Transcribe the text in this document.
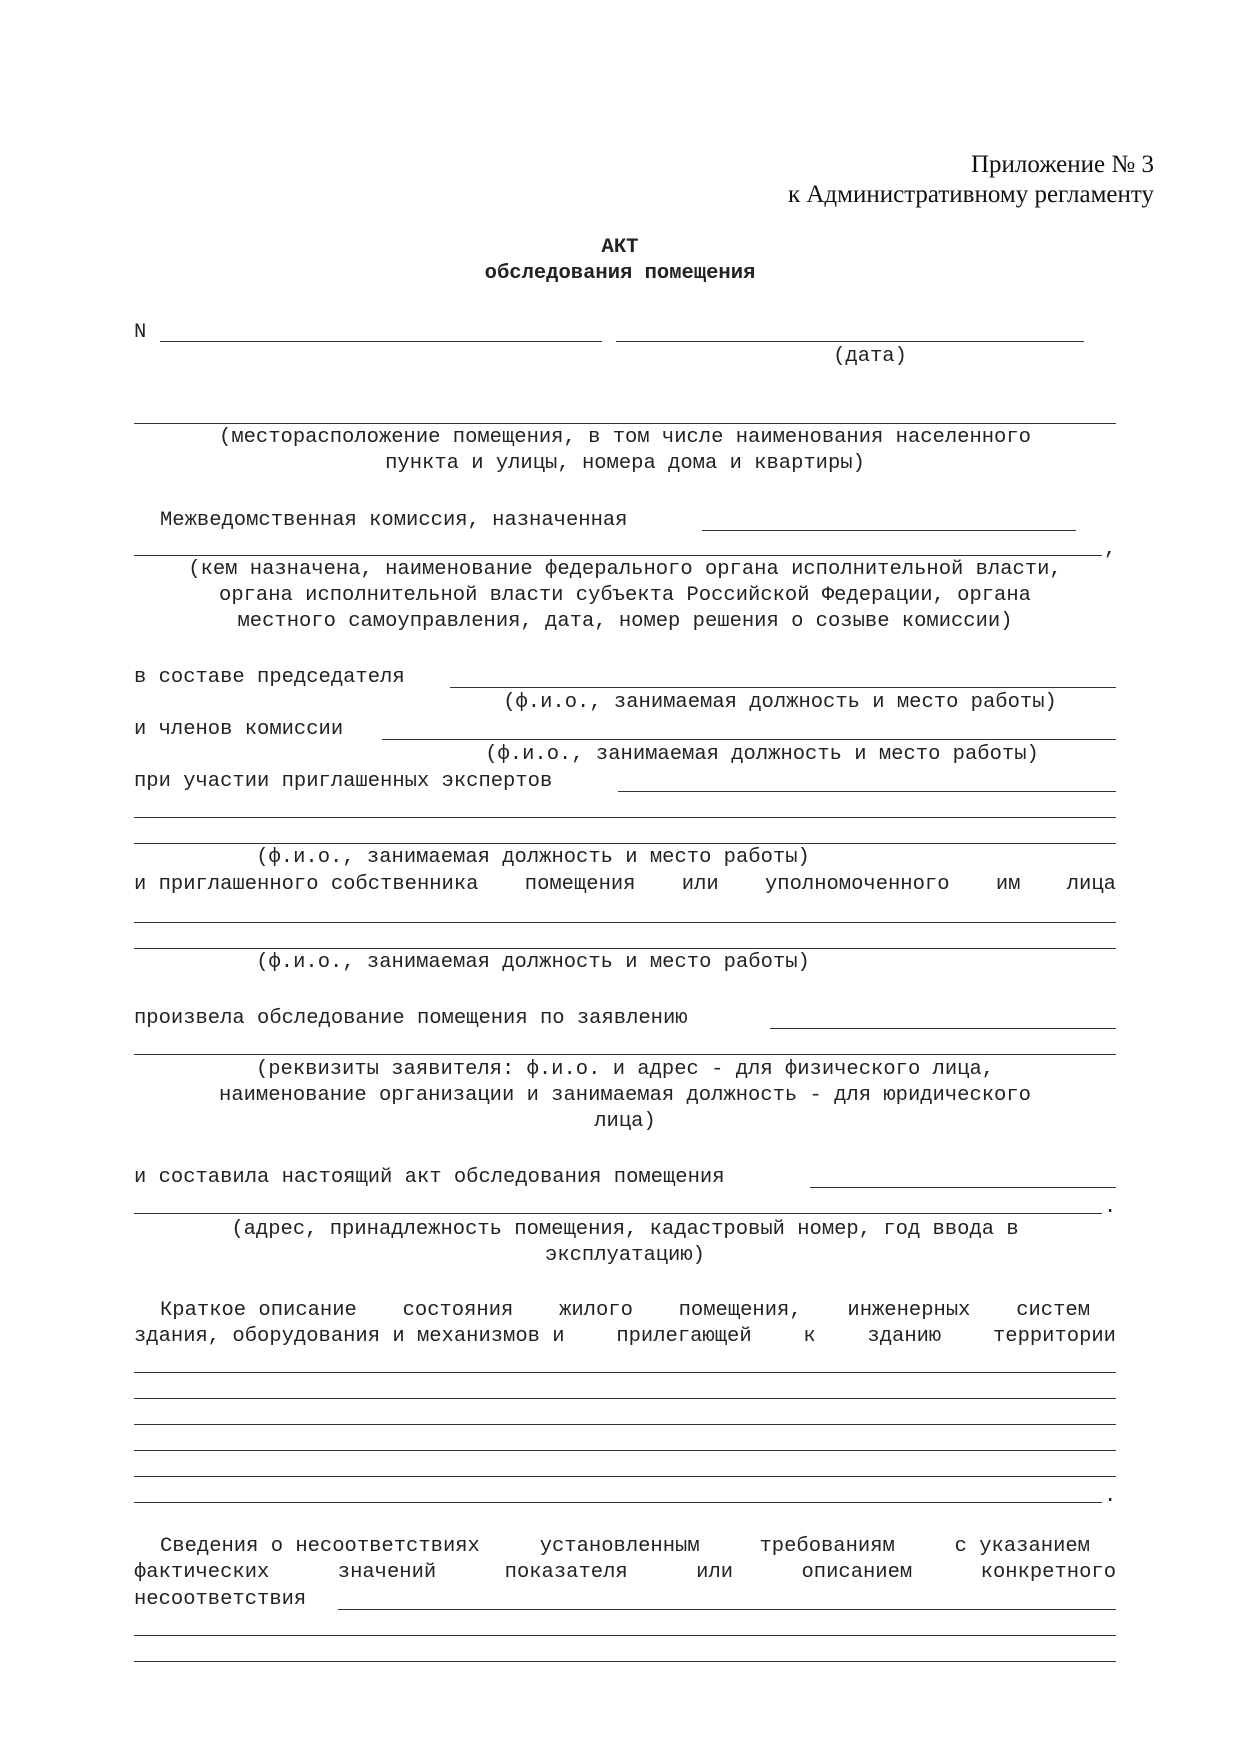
Приложение № 3
к Административному регламенту
АКТ
обследования помещения
N
(дата)
(месторасположение помещения, в том числе наименования населенного
пункта и улицы, номера дома и квартиры)
Межведомственная комиссия, назначенная
,
(кем назначена, наименование федерального органа исполнительной власти,
органа исполнительной власти субъекта Российской Федерации, органа
местного самоуправления, дата, номер решения о созыве комиссии)
в составе председателя
(ф.и.о., занимаемая должность и место работы)
и членов комиссии
(ф.и.о., занимаемая должность и место работы)
при участии приглашенных экспертов
(ф.и.о., занимаемая должность и место работы)
и приглашенного собственника помещения или уполномоченного им лица
(ф.и.о., занимаемая должность и место работы)
произвела обследование помещения по заявлению
(реквизиты заявителя: ф.и.о. и адрес - для физического лица,
наименование организации и занимаемая должность - для юридического
лица)
и составила настоящий акт обследования помещения
.
(адрес, принадлежность помещения, кадастровый номер, год ввода в
эксплуатацию)
Краткое описание состояния жилого помещения, инженерных систем
здания, оборудования и механизмов и	прилегающей	к	зданию	территории
.
Сведения о несоответствиях	установленным	требованиям	с указанием
фактических	значений	показателя	или	описанием	конкретного
несоответствия
